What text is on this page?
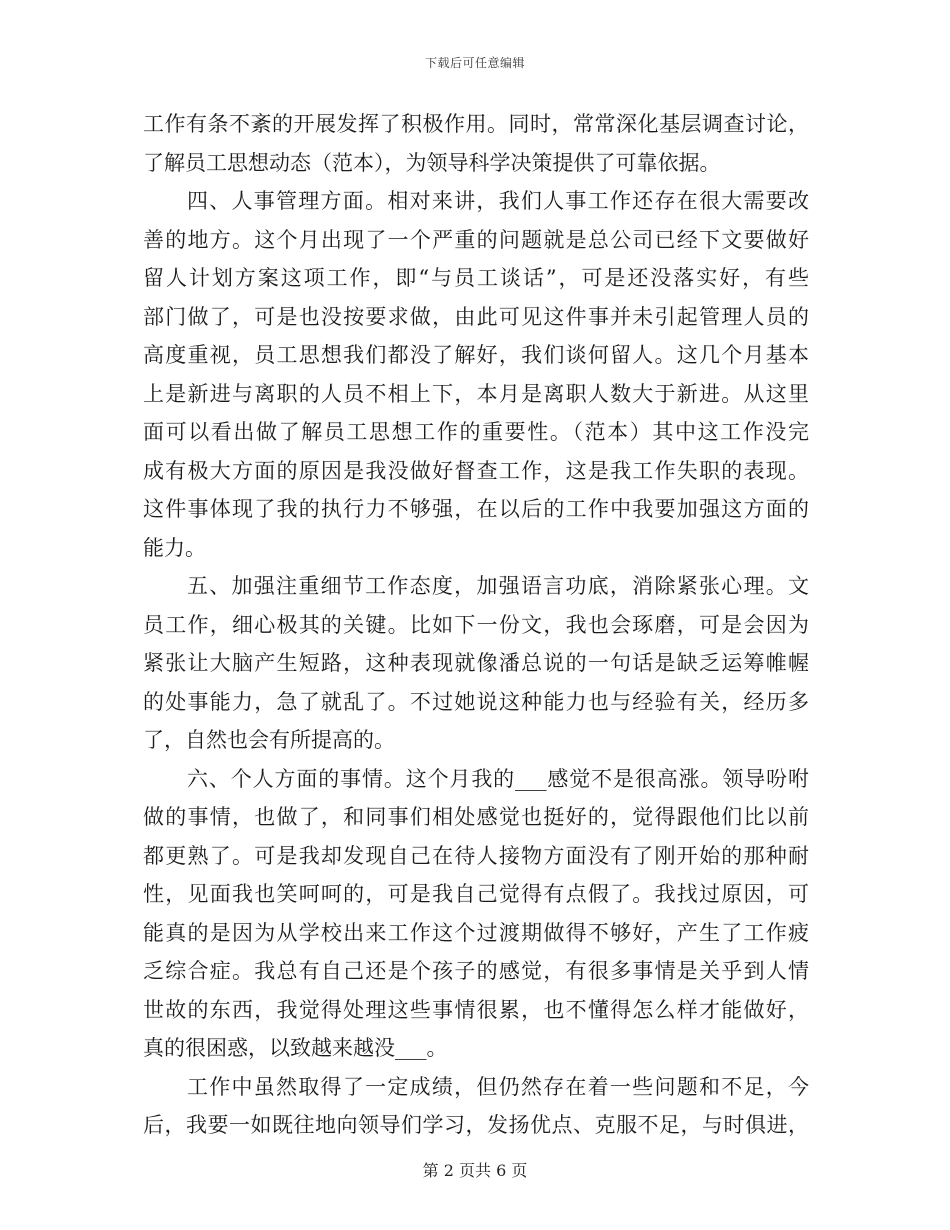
下载后可任意编辑
工作有条不紊的开展发挥了积极作用。同时，常常深化基层调查讨论，
了解员工思想动态（范本），为领导科学决策提供了可靠依据。
四、人事管理方面。相对来讲，我们人事工作还存在很大需要改
善的地方。这个月出现了一个严重的问题就是总公司已经下文要做好
留人计划方案这项工作，即“与员工谈话”，可是还没落实好，有些
部门做了，可是也没按要求做，由此可见这件事并未引起管理人员的
高度重视，员工思想我们都没了解好，我们谈何留人。这几个月基本
上是新进与离职的人员不相上下，本月是离职人数大于新进。从这里
面可以看出做了解员工思想工作的重要性。（范本）其中这工作没完
成有极大方面的原因是我没做好督查工作，这是我工作失职的表现。
这件事体现了我的执行力不够强，在以后的工作中我要加强这方面的
能力。
五、加强注重细节工作态度，加强语言功底，消除紧张心理。文
员工作，细心极其的关键。比如下一份文，我也会琢磨，可是会因为
紧张让大脑产生短路，这种表现就像潘总说的一句话是缺乏运筹帷幄
的处事能力，急了就乱了。不过她说这种能力也与经验有关，经历多
了，自然也会有所提高的。
六、个人方面的事情。这个月我的___感觉不是很高涨。领导吩咐
做的事情，也做了，和同事们相处感觉也挺好的，觉得跟他们比以前
都更熟了。可是我却发现自己在待人接物方面没有了刚开始的那种耐
性，见面我也笑呵呵的，可是我自己觉得有点假了。我找过原因，可
能真的是因为从学校出来工作这个过渡期做得不够好，产生了工作疲
乏综合症。我总有自己还是个孩子的感觉，有很多事情是关乎到人情
世故的东西，我觉得处理这些事情很累，也不懂得怎么样才能做好，
真的很困惑，以致越来越没___。
工作中虽然取得了一定成绩，但仍然存在着一些问题和不足，今
后，我要一如既往地向领导们学习，发扬优点、克服不足，与时俱进，
第 2 页共 6 页
